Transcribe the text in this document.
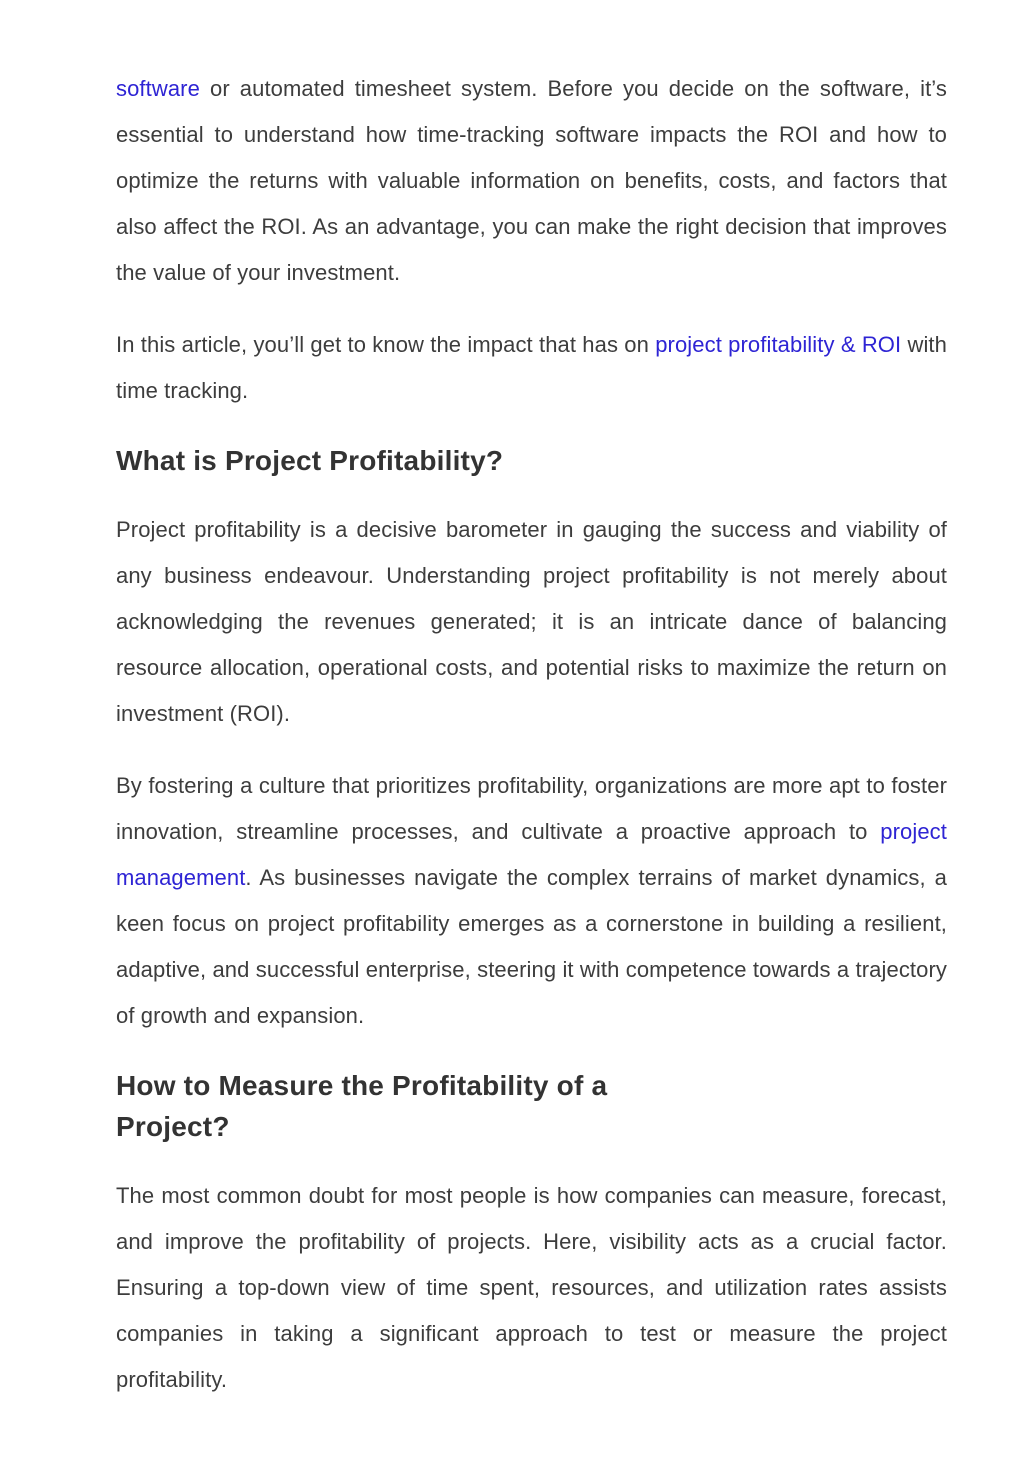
software or automated timesheet system. Before you decide on the software, it’s essential to understand how time-tracking software impacts the ROI and how to optimize the returns with valuable information on benefits, costs, and factors that also affect the ROI. As an advantage, you can make the right decision that improves the value of your investment.

In this article, you’ll get to know the impact that has on project profitability & ROI with time tracking.

What is Project Profitability?

Project profitability is a decisive barometer in gauging the success and viability of any business endeavour. Understanding project profitability is not merely about acknowledging the revenues generated; it is an intricate dance of balancing resource allocation, operational costs, and potential risks to maximize the return on investment (ROI).

By fostering a culture that prioritizes profitability, organizations are more apt to foster innovation, streamline processes, and cultivate a proactive approach to project management. As businesses navigate the complex terrains of market dynamics, a keen focus on project profitability emerges as a cornerstone in building a resilient, adaptive, and successful enterprise, steering it with competence towards a trajectory of growth and expansion.

How to Measure the Profitability of a Project?

The most common doubt for most people is how companies can measure, forecast, and improve the profitability of projects. Here, visibility acts as a crucial factor. Ensuring a top-down view of time spent, resources, and utilization rates assists companies in taking a significant approach to test or measure the project profitability.
